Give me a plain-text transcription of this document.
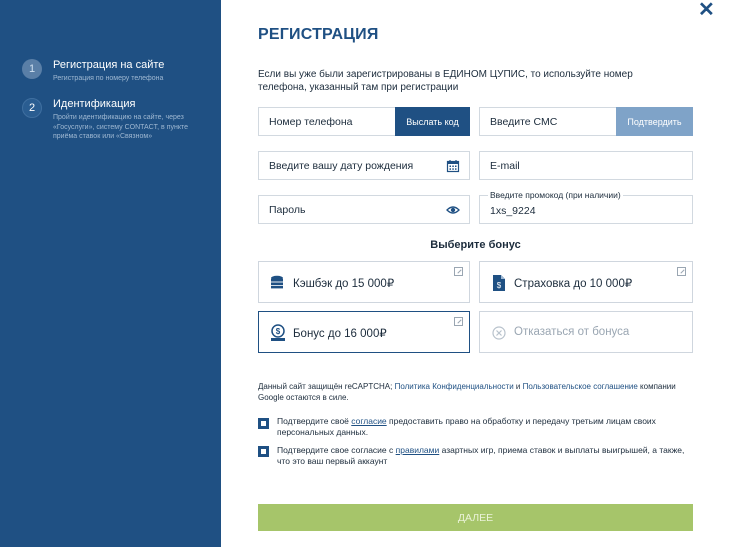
1	Регистрация на сайте
Регистрация по номеру телефона
2	Идентификация
Пройти идентификацию на сайте, через «Госуслуги», систему CONTACT, в пункте приёма ставок или «Связном»
✕
РЕГИСТРАЦИЯ
Если вы уже были зарегистрированы в ЕДИНОМ ЦУПИС, то используйте номер телефона, указанный там при регистрации
Номер телефона	Выслать код	Введите СМС	Подтвердить
Введите вашу дату рождения	E-mail
Пароль
Введите промокод (при наличии)
1xs_9224
Выберите бонус
Кэшбэк до 15 000₽	$ Страховка до 10 000₽
$ Бонус до 16 000₽	Отказаться от бонуса
Данный сайт защищён reCAPTCHA; Политика Конфиденциальности и Пользовательское соглашение компании Google остаются в силе.
Подтвердите своё согласие предоставить право на обработку и передачу третьим лицам своих персональных данных.
Подтвердите свое согласие с правилами азартных игр, приема ставок и выплаты выигрышей, а также, что это ваш первый аккаунт
ДАЛЕЕ
